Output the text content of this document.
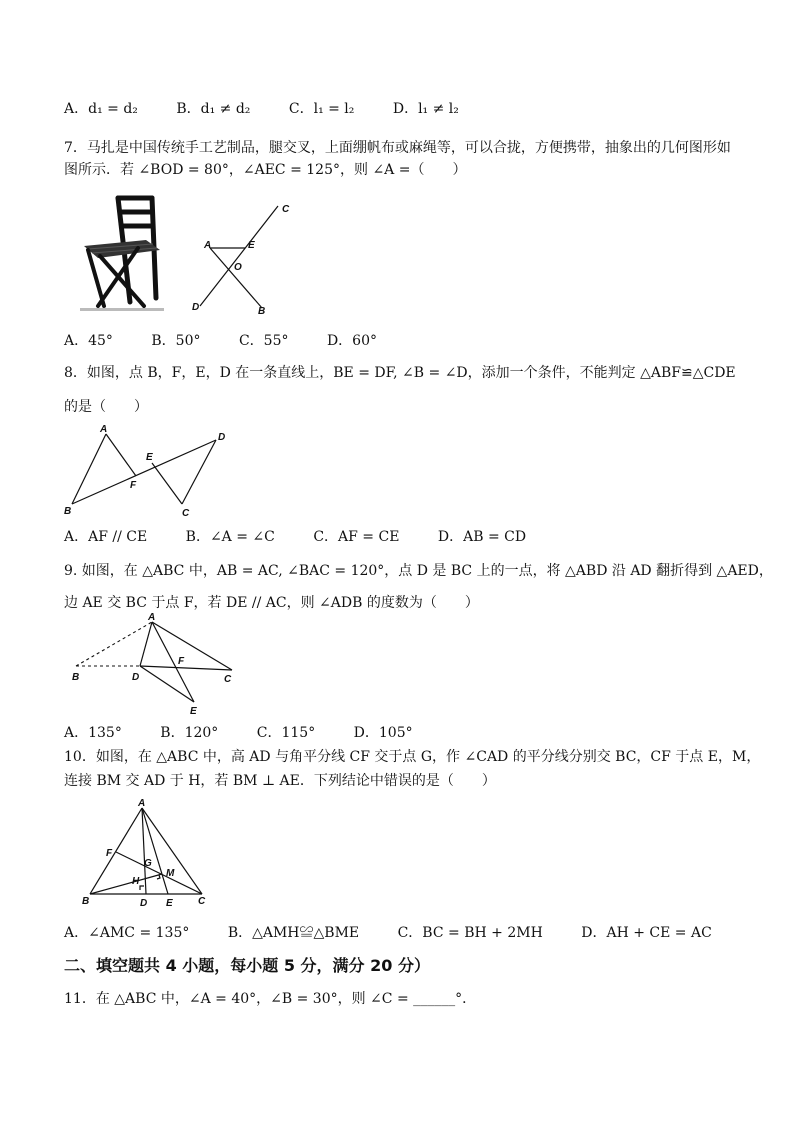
A．d₁ = d₂	B．d₁ ≠ d₂	C．l₁ = l₂	D．l₁ ≠ l₂
7．马扎是中国传统手工艺制品，腿交叉，上面绷帆布或麻绳等，可以合拢，方便携带，抽象出的几何图形如
图所示．若 ∠BOD = 80°，∠AEC = 125°，则 ∠A =（　　）
C
A	E
O
D	B
A．45°	B．50°	C．55°	D．60°
8．如图，点 B，F，E，D 在一条直线上，BE = DF, ∠B = ∠D，添加一个条件，不能判定 △ABF≌△CDE
的是（　　）
A
B
F
E
D
C
A．AF // CE	B．∠A = ∠C	C．AF = CE	D．AB = CD
9. 如图，在 △ABC 中，AB = AC, ∠BAC = 120°，点 D 是 BC 上的一点，将 △ABD 沿 AD 翻折得到 △AED，
边 AE 交 BC 于点 F，若 DE // AC，则 ∠ADB 的度数为（　　）
A
B	D
F
C
E
A．135°	B．120°	C．115°	D．105°
10．如图，在 △ABC 中，高 AD 与角平分线 CF 交于点 G，作 ∠CAD 的平分线分别交 BC，CF 于点 E，M，
连接 BM 交 AD 于 H，若 BM ⊥ AE．下列结论中错误的是（　　）
A
F
G
H
M
B	D E	C
A．∠AMC = 135°	B．△AMH≌△BME	C．BC = BH + 2MH	D．AH + CE = AC
二、填空题共 4 小题，每小题 5 分，满分 20 分）
11．在 △ABC 中，∠A = 40°，∠B = 30°，则 ∠C = ______°．
